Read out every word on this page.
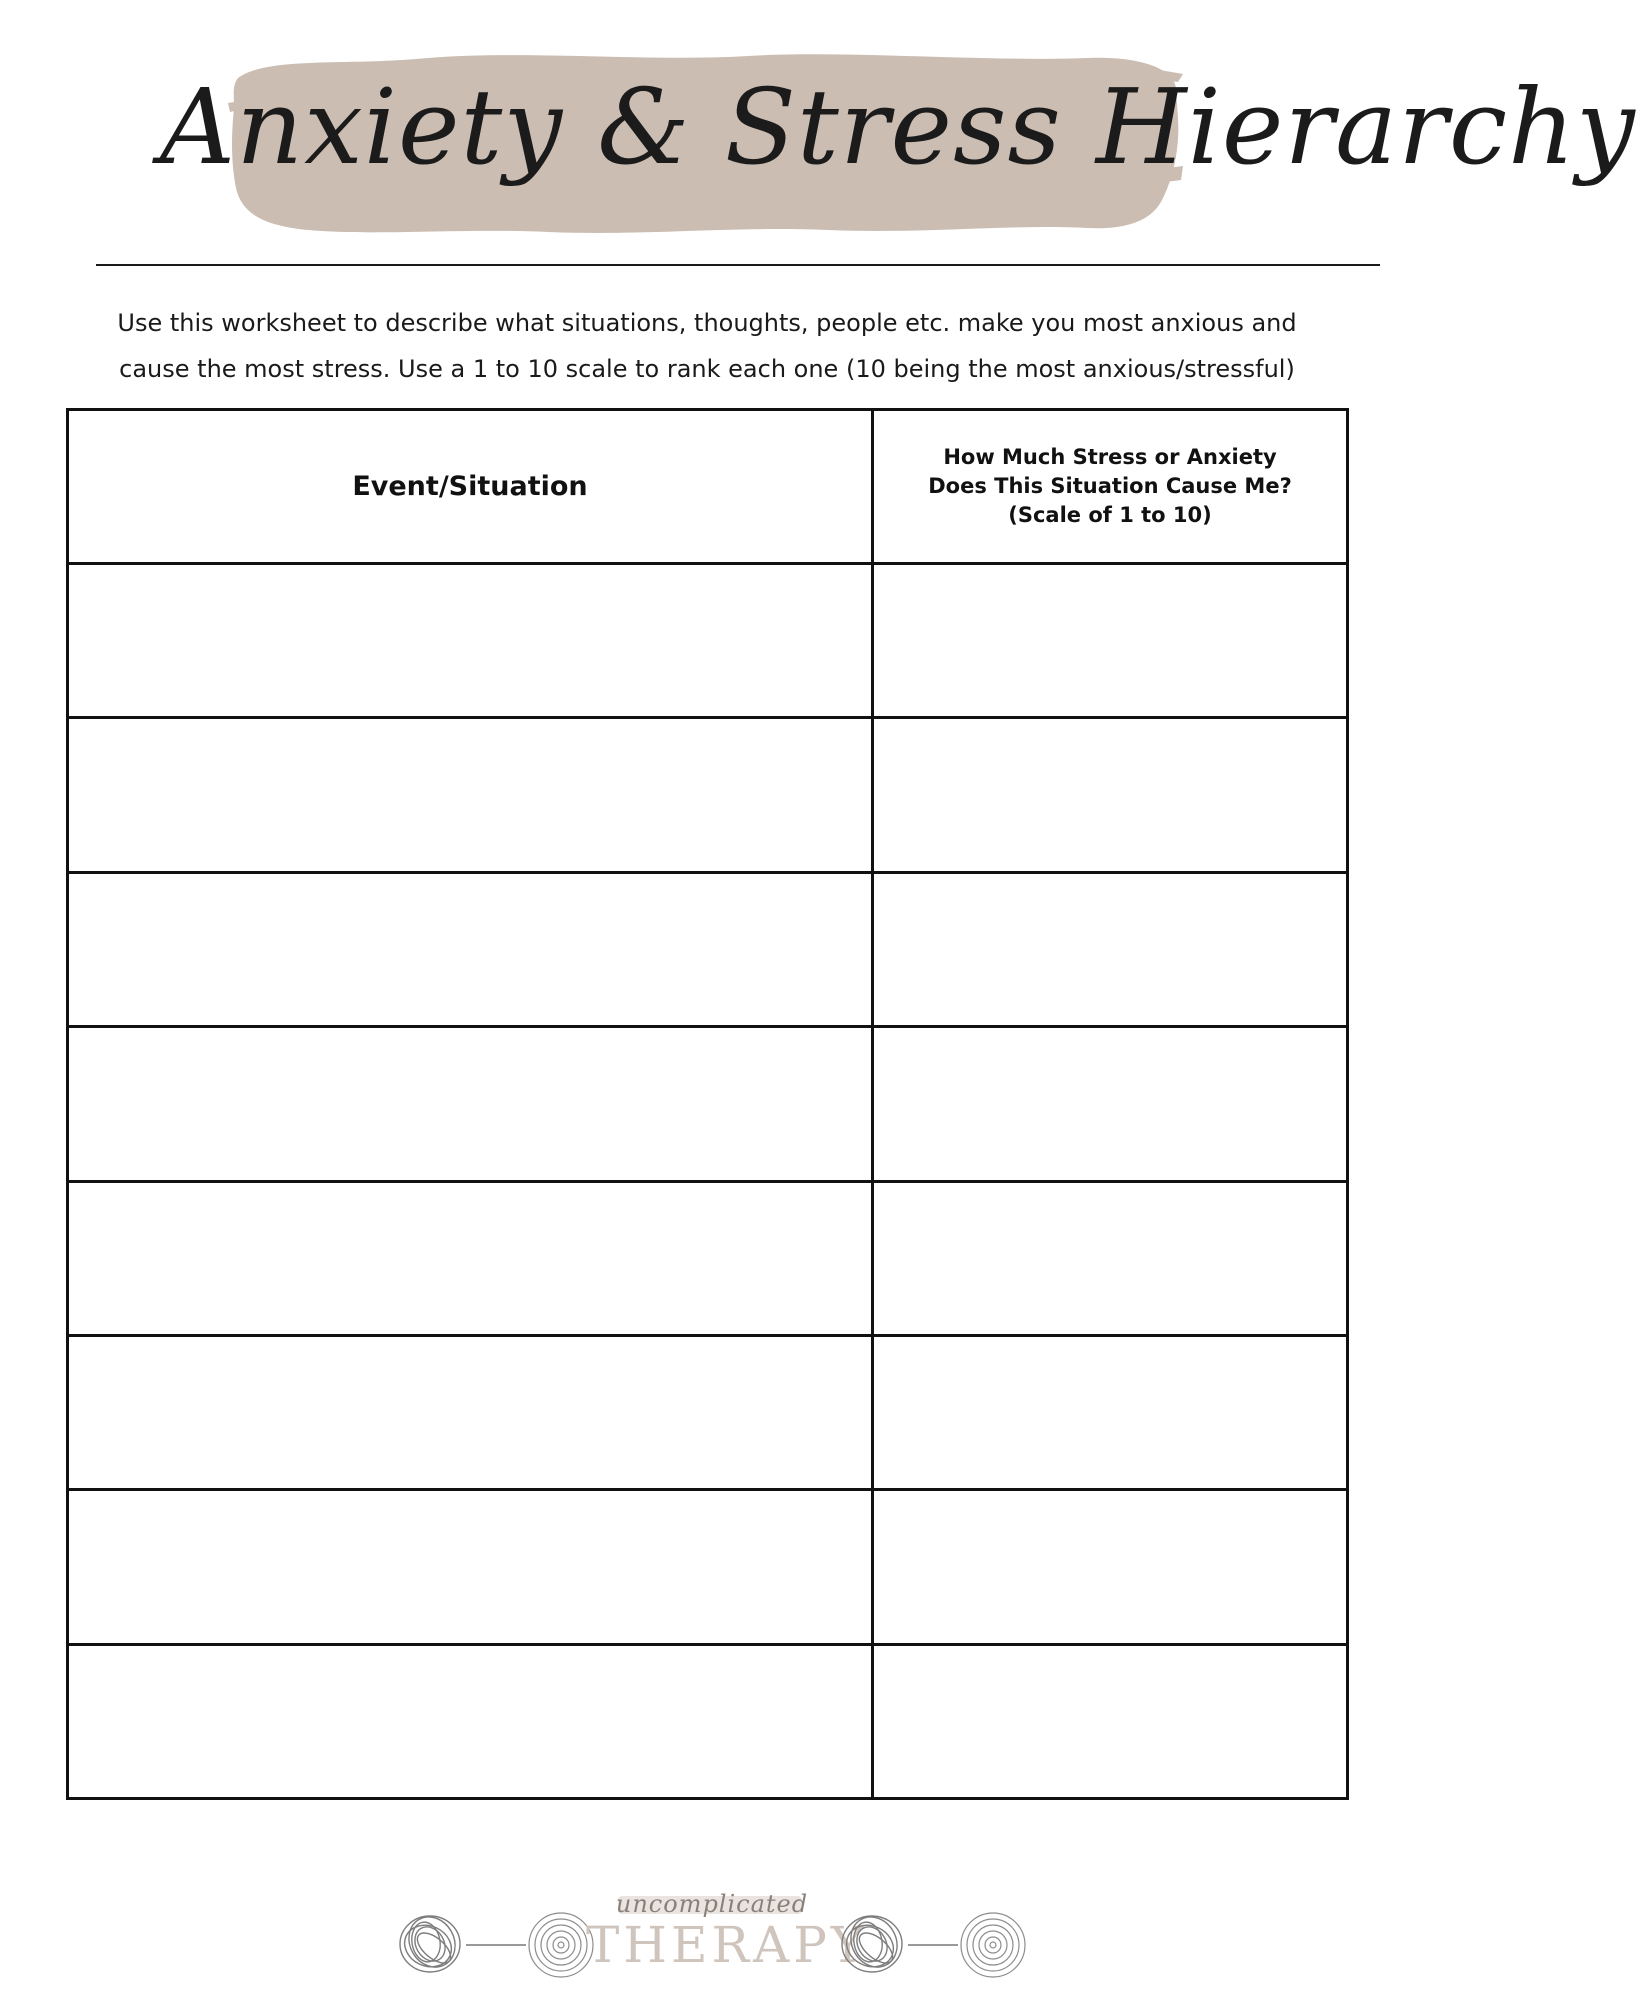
Anxiety & Stress Hierarchy
Use this worksheet to describe what situations, thoughts, people etc. make you most anxious and
cause the most stress. Use a 1 to 10 scale to rank each one (10 being the most anxious/stressful)
Event/Situation	How Much Stress or Anxiety
Does This Situation Cause Me?
(Scale of 1 to 10)

uncomplicated
THERAPY
